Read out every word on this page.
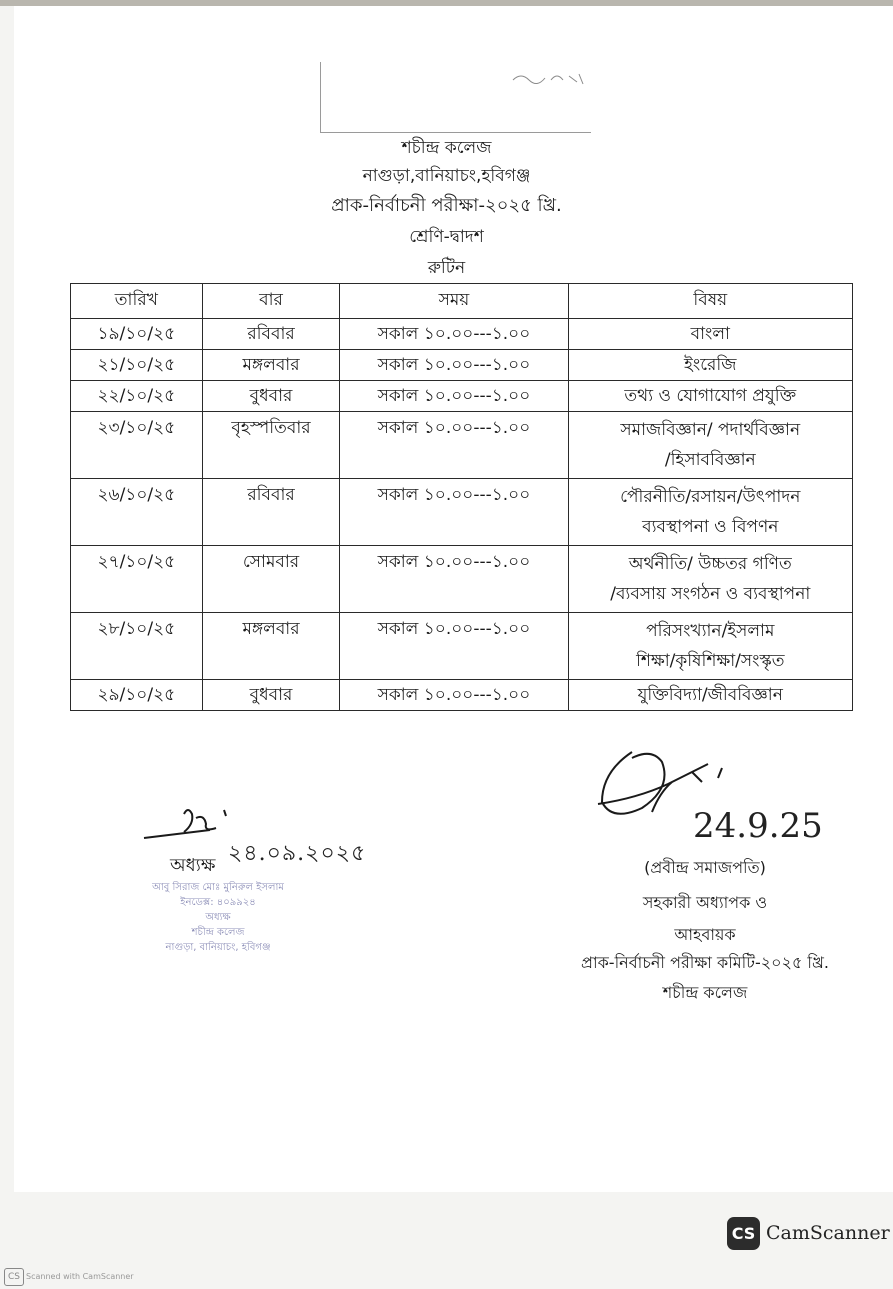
শচীন্দ্র কলেজ
নাগুড়া,বানিয়াচং,হবিগঞ্জ
প্রাক-নির্বাচনী পরীক্ষা-২০২৫ খ্রি.
শ্রেণি-দ্বাদশ
রুটিন
তারিখ	বার	সময়	বিষয়
১৯/১০/২৫	রবিবার	সকাল ১০.০০---১.০০	বাংলা
২১/১০/২৫	মঙ্গলবার	সকাল ১০.০০---১.০০	ইংরেজি
২২/১০/২৫	বুধবার	সকাল ১০.০০---১.০০	তথ্য ও যোগাযোগ প্রযুক্তি
২৩/১০/২৫	বৃহস্পতিবার	সকাল ১০.০০---১.০০	সমাজবিজ্ঞান/ পদার্থবিজ্ঞান
/হিসাববিজ্ঞান

২৬/১০/২৫	রবিবার	সকাল ১০.০০---১.০০	পৌরনীতি/রসায়ন/উৎপাদন
ব্যবস্থাপনা ও বিপণন

২৭/১০/২৫	সোমবার	সকাল ১০.০০---১.০০	অর্থনীতি/ উচ্চতর গণিত
/ব্যবসায় সংগঠন ও ব্যবস্থাপনা

২৮/১০/২৫	মঙ্গলবার	সকাল ১০.০০---১.০০	পরিসংখ্যান/ইসলাম
শিক্ষা/কৃষিশিক্ষা/সংস্কৃত

২৯/১০/২৫	বুধবার	সকাল ১০.০০---১.০০	যুক্তিবিদ্যা/জীববিজ্ঞান
২৪.০৯.২০২৫
অধ্যক্ষ
আবু সিরাজ মোঃ মুনিরুল ইসলাম
ইনডেক্স: ৪০৯৯২৪
অধ্যক্ষ
শচীন্দ্র কলেজ
নাগুড়া, বানিয়াচং, হবিগঞ্জ
24.9.25
(প্রবীন্দ্র সমাজপতি)
সহকারী অধ্যাপক ও
আহবায়ক
প্রাক-নির্বাচনী পরীক্ষা কমিটি-২০২৫ খ্রি.
শচীন্দ্র কলেজ
CS CamScanner
CS Scanned with CamScanner
